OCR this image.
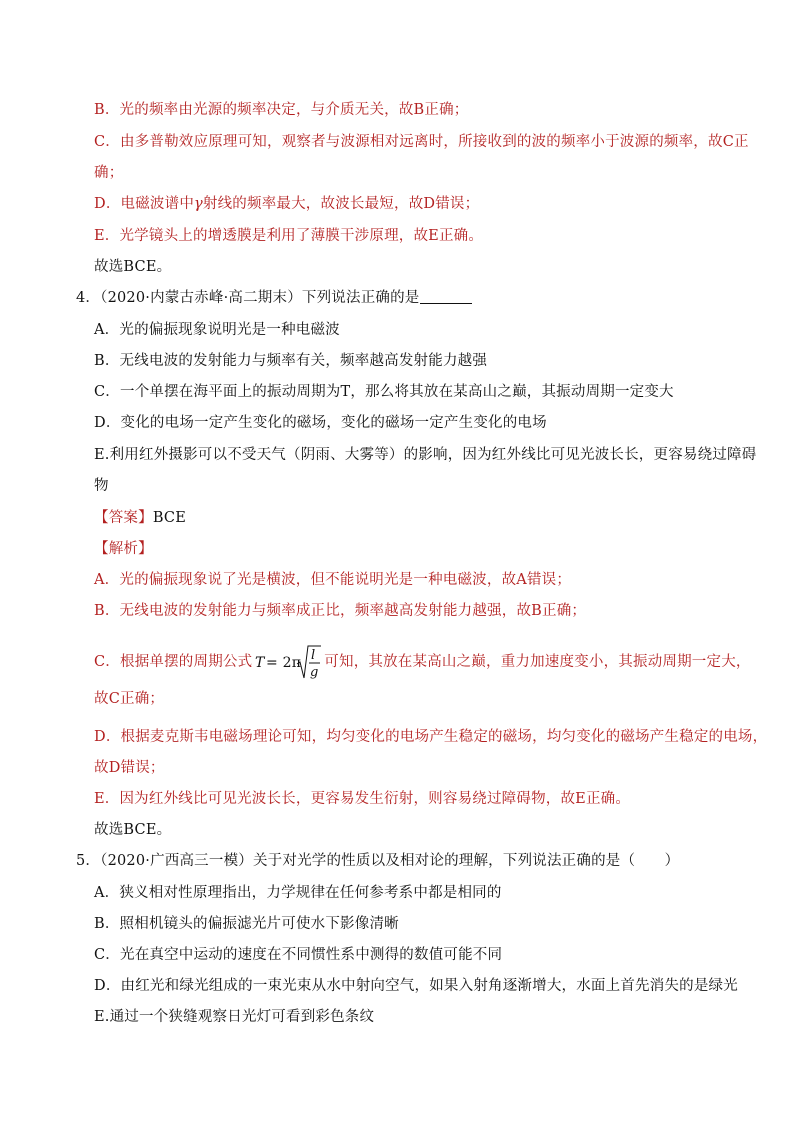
B．光的频率由光源的频率决定，与介质无关，故B正确；
C．由多普勒效应原理可知，观察者与波源相对远离时，所接收到的波的频率小于波源的频率，故C正
确；
D．电磁波谱中γ射线的频率最大，故波长最短，故D错误；
E．光学镜头上的增透膜是利用了薄膜干涉原理，故E正确。
故选BCE。
4．（2020·内蒙古赤峰·高二期末）下列说法正确的是
A．光的偏振现象说明光是一种电磁波
B．无线电波的发射能力与频率有关，频率越高发射能力越强
C．一个单摆在海平面上的振动周期为T，那么将其放在某高山之巅，其振动周期一定变大
D．变化的电场一定产生变化的磁场，变化的磁场一定产生变化的电场
E.利用红外摄影可以不受天气（阴雨、大雾等）的影响，因为红外线比可见光波长长，更容易绕过障碍
物
【答案】BCE
【解析】
A．光的偏振现象说了光是横波，但不能说明光是一种电磁波，故A错误；
B．无线电波的发射能力与频率成正比，频率越高发射能力越强，故B正确；
C．根据单摆的周期公式 T = 2π l
g
可知，其放在某高山之巅，重力加速度变小，其振动周期一定大，
故C正确；
D．根据麦克斯韦电磁场理论可知，均匀变化的电场产生稳定的磁场，均匀变化的磁场产生稳定的电场，
故D错误；
E．因为红外线比可见光波长长，更容易发生衍射，则容易绕过障碍物，故E正确。
故选BCE。
5．（2020·广西高三一模）关于对光学的性质以及相对论的理解，下列说法正确的是（　　）
A．狭义相对性原理指出，力学规律在任何参考系中都是相同的
B．照相机镜头的偏振滤光片可使水下影像清晰
C．光在真空中运动的速度在不同惯性系中测得的数值可能不同
D．由红光和绿光组成的一束光束从水中射向空气，如果入射角逐渐增大，水面上首先消失的是绿光
E.通过一个狭缝观察日光灯可看到彩色条纹
